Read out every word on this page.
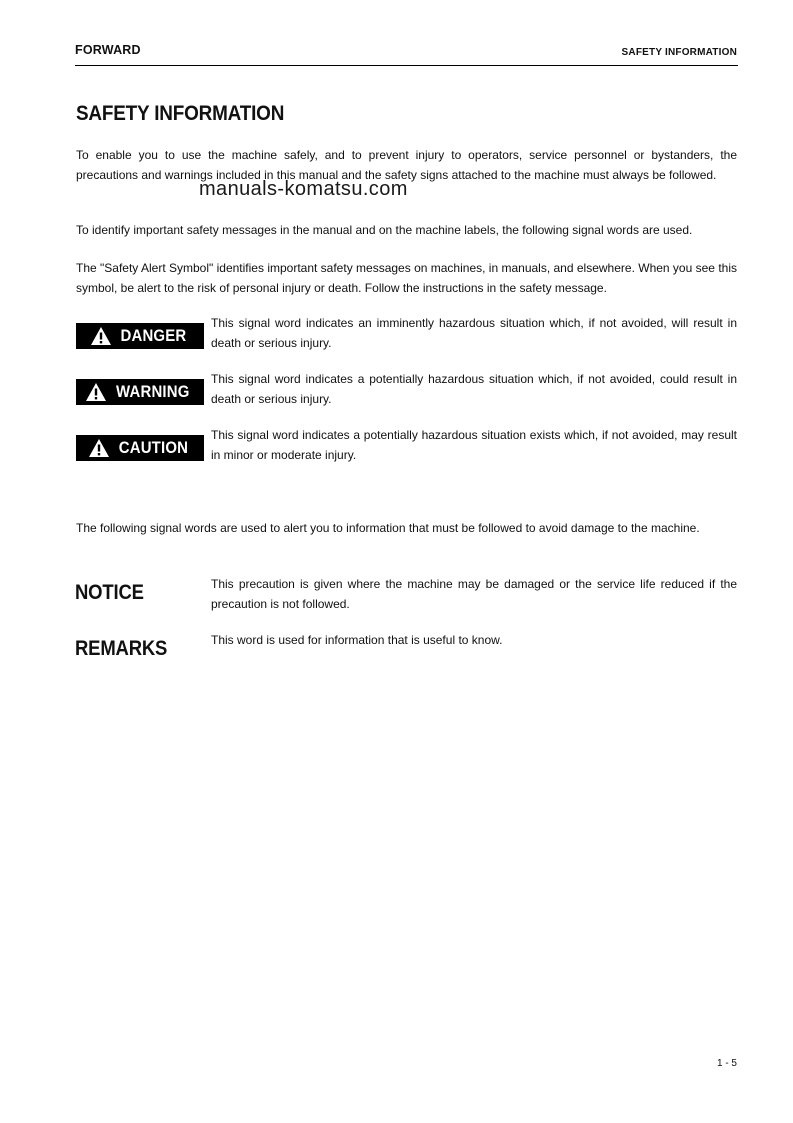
FORWARD	SAFETY INFORMATION
SAFETY INFORMATION

To enable you to use the machine safely, and to prevent injury to operators, service personnel or bystanders, the precautions and warnings included in this manual and the safety signs attached to the machine must always be followed.

manuals-komatsu.com

To identify important safety messages in the manual and on the machine labels, the following signal words are used.

The "Safety Alert Symbol" identifies important safety messages on machines, in manuals, and elsewhere. When you see this symbol, be alert to the risk of personal injury or death. Follow the instructions in the safety message.

DANGER

This signal word indicates an imminently hazardous situation which, if not avoided, will result in death or serious injury.

WARNING

This signal word indicates a potentially hazardous situation which, if not avoided, could result in death or serious injury.

CAUTION

This signal word indicates a potentially hazardous situation exists which, if not avoided, may result in minor or moderate injury.

The following signal words are used to alert you to information that must be followed to avoid damage to the machine.

NOTICE	This precaution is given where the machine may be damaged or the service life reduced if the precaution is not followed.

REMARKS	This word is used for information that is useful to know.

1 - 5
